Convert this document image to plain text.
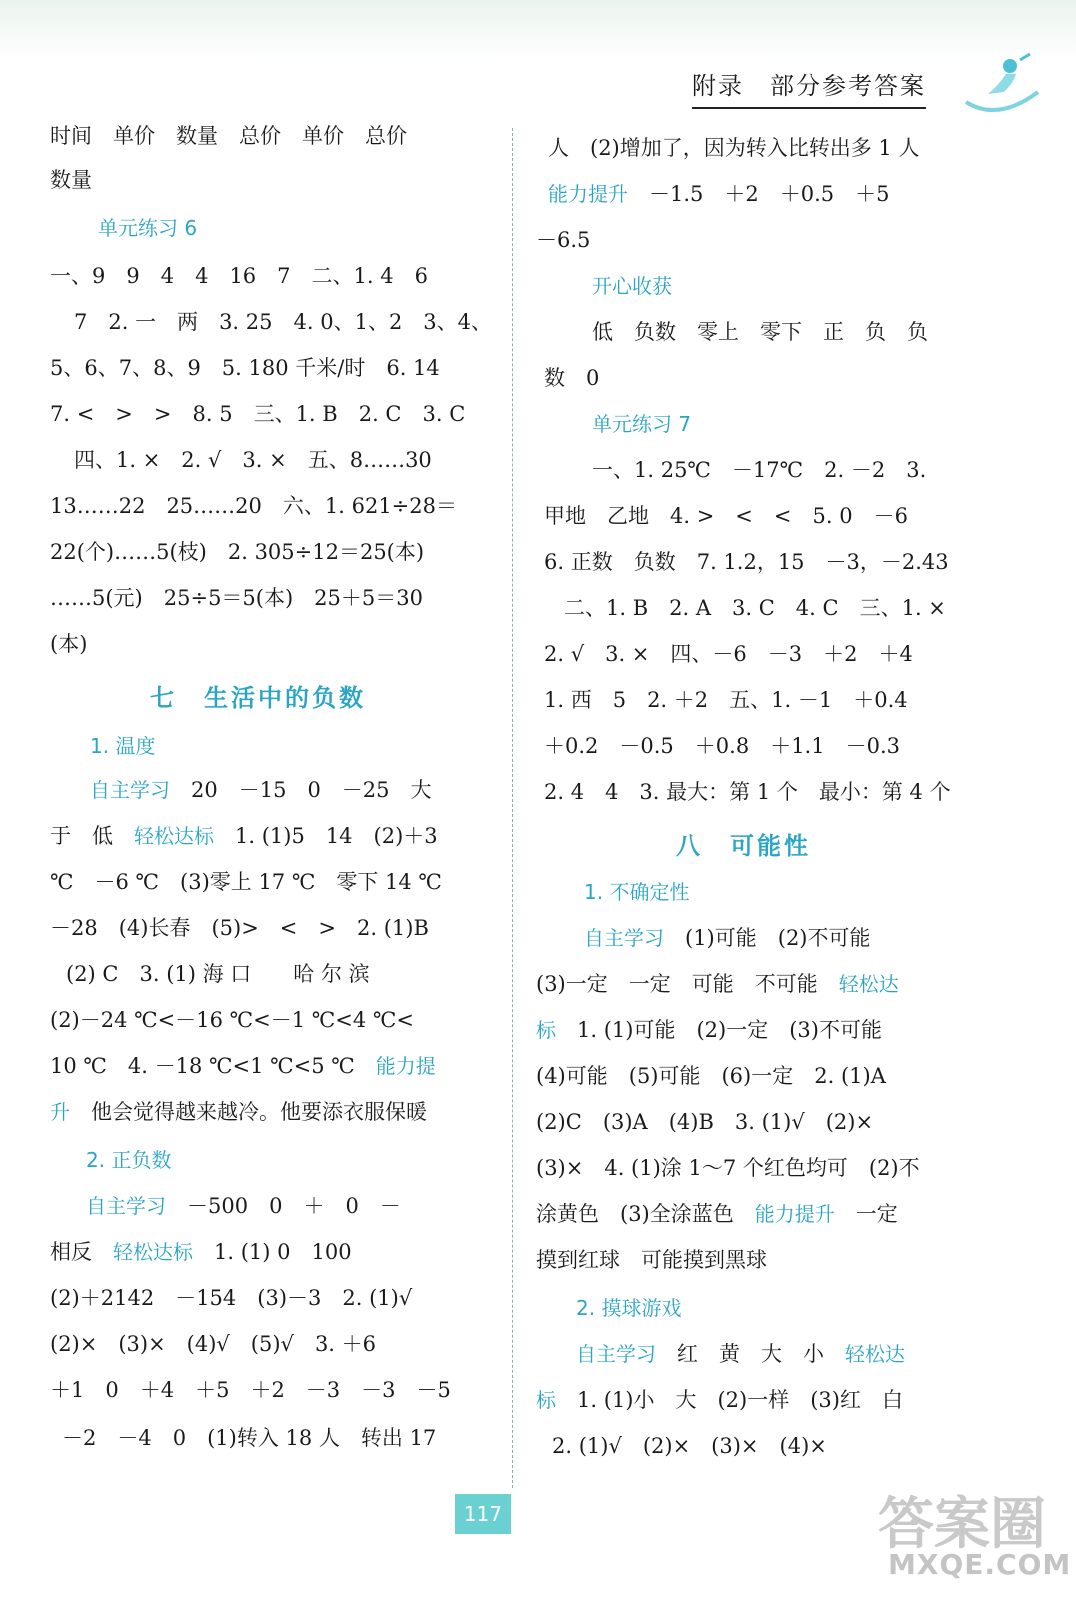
附录 部分参考答案
时间　单价　数量　总价　单价　总价
数量
单元练习 6
一、9　9　4　4　16　7　二、1. 4　6
7　2. 一　两　3. 25　4. 0、1、2　3、4、
5、6、7、8、9　5. 180 千米/时　6. 14
7. <　>　>　8. 5　三、1. B　2. C　3. C
四、1. ×　2. √　3. ×　五、8……30
13……22　25……20　六、1. 621÷28＝
22(个)……5(枝)　2. 305÷12＝25(本)
……5(元)　25÷5＝5(本)　25＋5＝30
(本)
七　生活中的负数
1. 温度
自主学习　20　－15　0　－25　大
于　低　轻松达标　1. (1)5　14　(2)＋3
℃　－6 ℃　(3)零上 17 ℃　零下 14 ℃
－28　(4)长春　(5)>　<　>　2. (1)B
(2) C　3. (1) 海 口　　哈 尔 滨
(2)－24 ℃<－16 ℃<－1 ℃<4 ℃<
10 ℃　4. －18 ℃<1 ℃<5 ℃　能力提
升　他会觉得越来越冷。他要添衣服保暖
2. 正负数
自主学习　－500　0　＋　0　－
相反　轻松达标　1. (1) 0　100
(2)＋2142　－154　(3)－3　2. (1)√
(2)×　(3)×　(4)√　(5)√　3. ＋6
＋1　0　＋4　＋5　＋2　－3　－3　－5
－2　－4　0　(1)转入 18 人　转出 17
人　(2)增加了，因为转入比转出多 1 人
能力提升　－1.5　＋2　＋0.5　＋5
－6.5
开心收获
低　负数　零上　零下　正　负　负
数　0
单元练习 7
一、1. 25℃　－17℃　2. －2　3.
甲地　乙地　4. >　<　<　5. 0　－6
6. 正数　负数　7. 1.2，15　－3，－2.43
二、1. B　2. A　3. C　4. C　三、1. ×
2. √　3. ×　四、－6　－3　＋2　＋4
1. 西　5　2. ＋2　五、1. －1　＋0.4
＋0.2　－0.5　＋0.8　＋1.1　－0.3
2. 4　4　3. 最大：第 1 个　最小：第 4 个
八　可能性
1. 不确定性
自主学习　(1)可能　(2)不可能
(3)一定　一定　可能　不可能　轻松达
标　1. (1)可能　(2)一定　(3)不可能
(4)可能　(5)可能　(6)一定　2. (1)A
(2)C　(3)A　(4)B　3. (1)√　(2)×
(3)×　4. (1)涂 1～7 个红色均可　(2)不
涂黄色　(3)全涂蓝色　能力提升　一定
摸到红球　可能摸到黑球
2. 摸球游戏
自主学习　红　黄　大　小　轻松达
标　1. (1)小　大　(2)一样　(3)红　白
2. (1)√　(2)×　(3)×　(4)×
117	答案圈
MXQE.COM
